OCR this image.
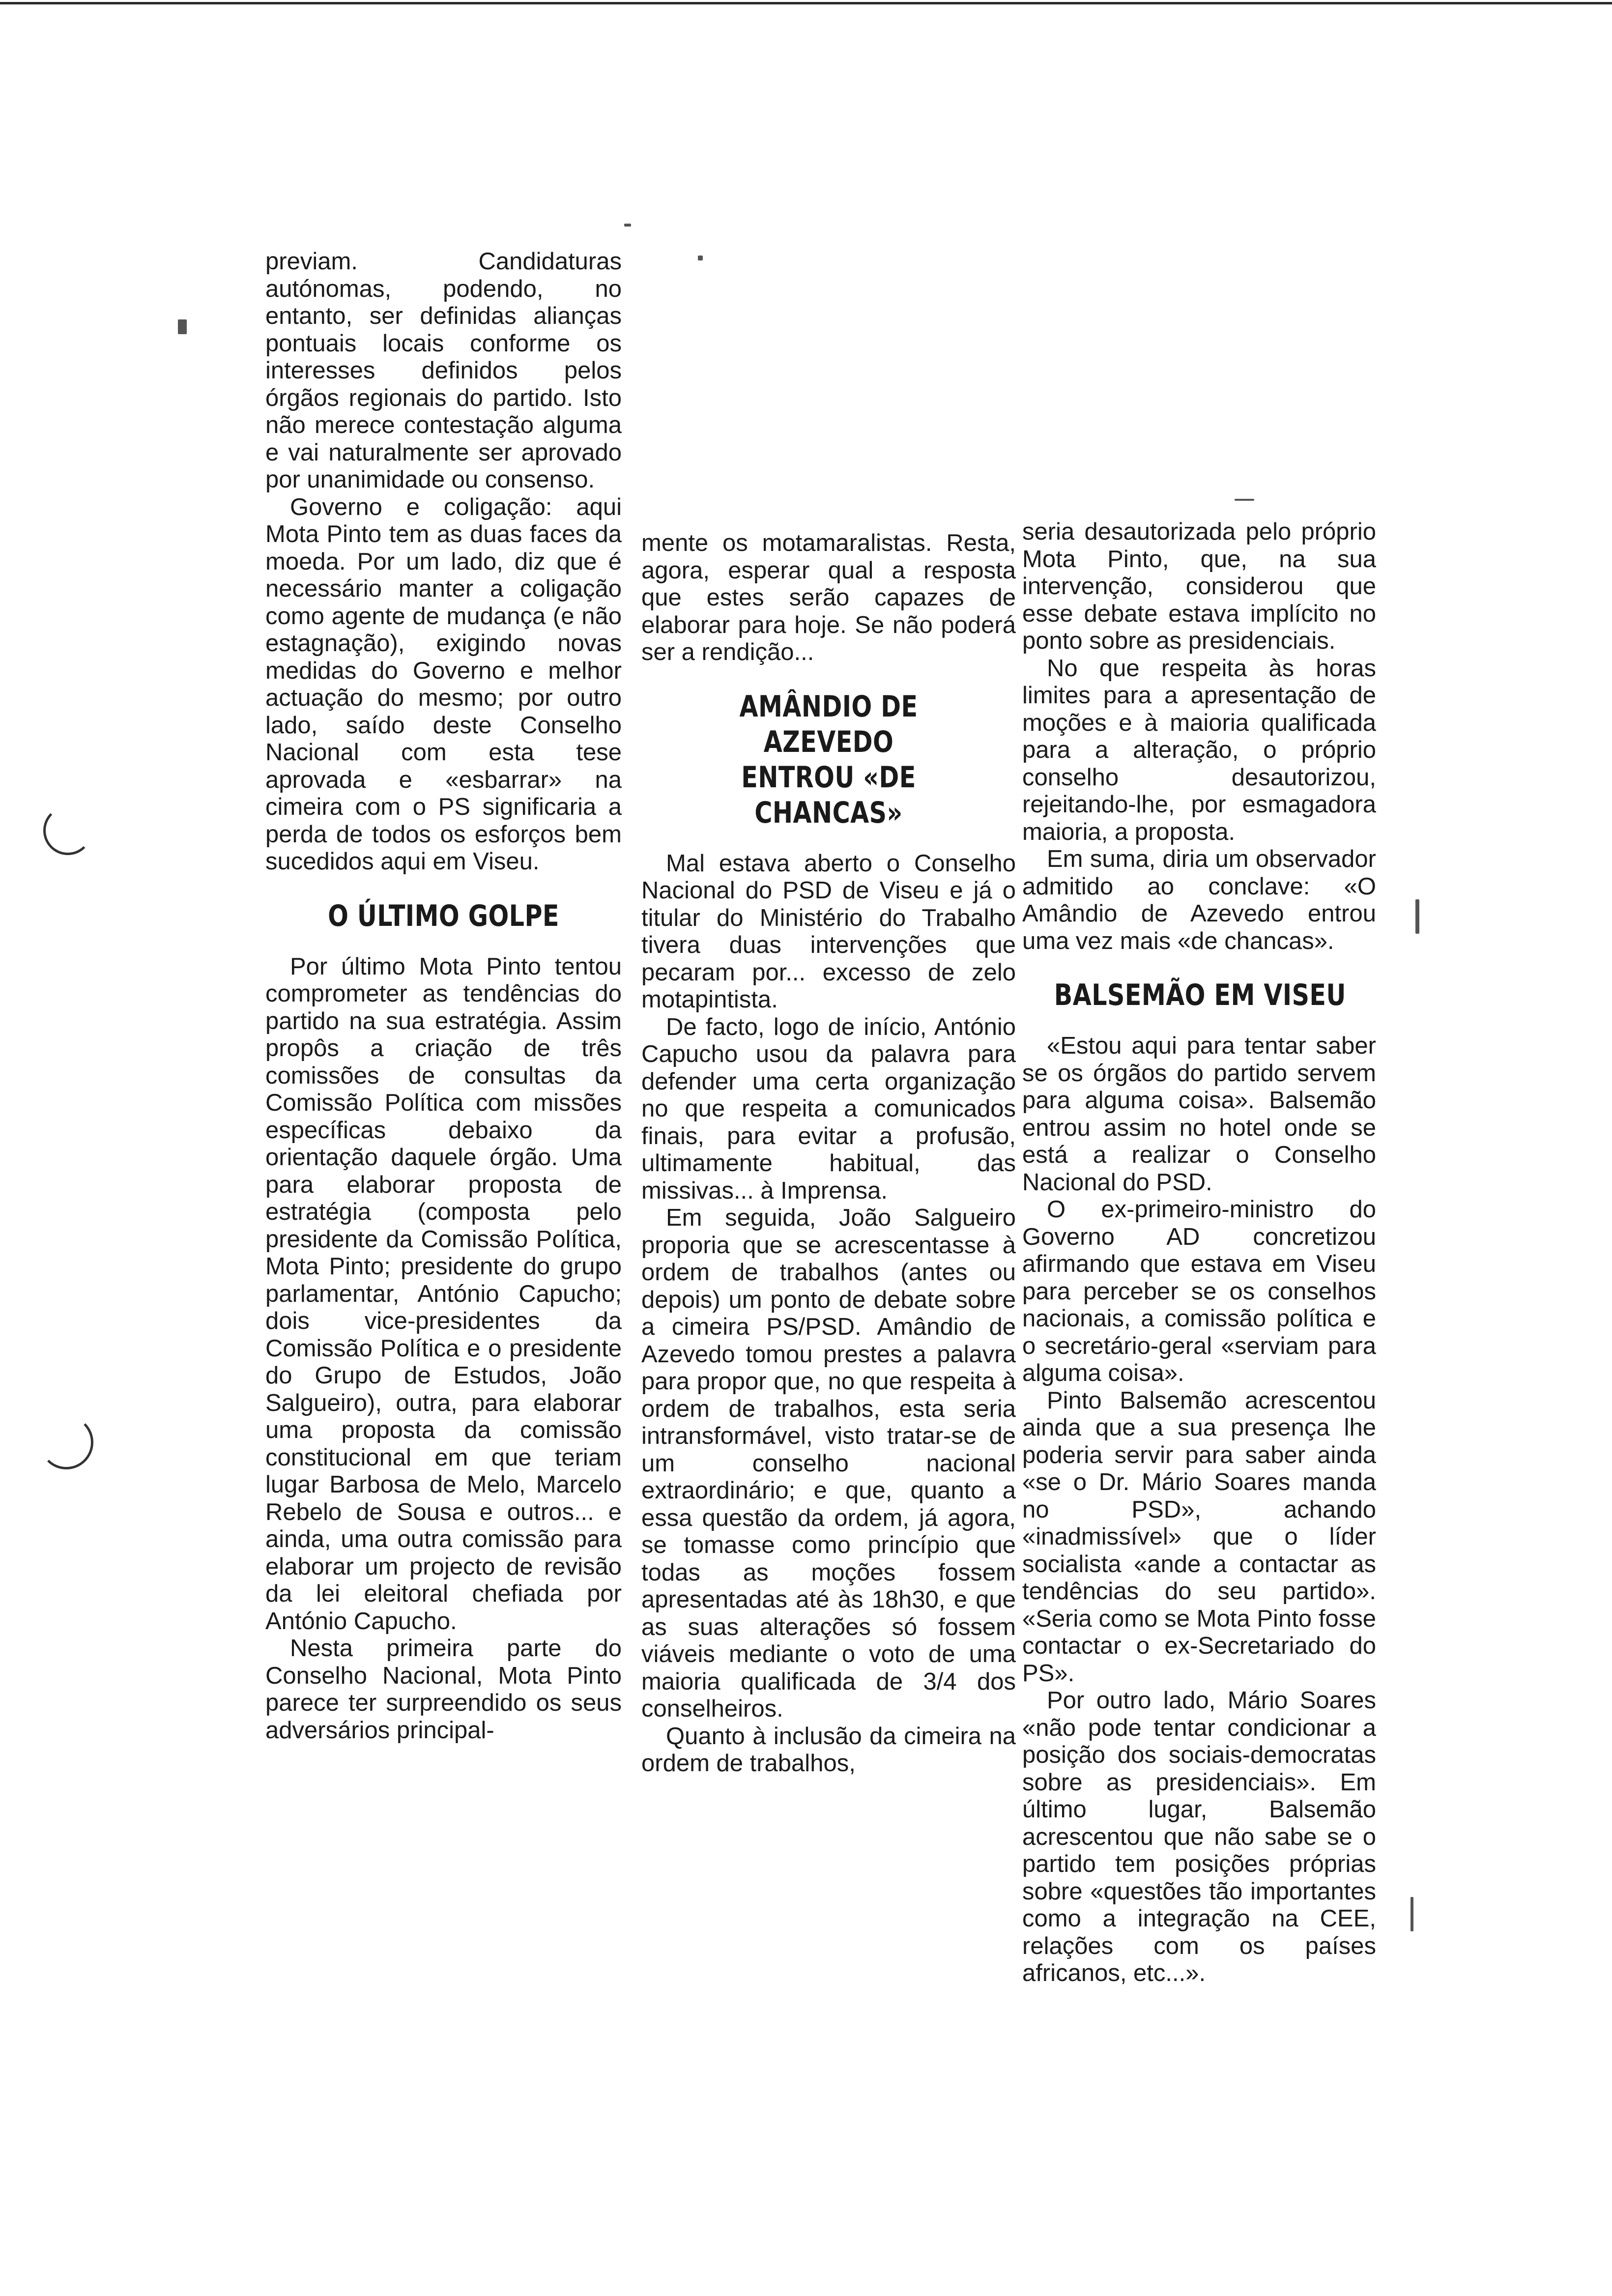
previam. Candidaturas autónomas, podendo, no entanto, ser definidas alianças pontuais locais conforme os interesses definidos pelos órgãos regionais do partido. Isto não merece contestação alguma e vai naturalmente ser aprovado por unanimidade ou consenso.

Governo e coligação: aqui Mota Pinto tem as duas faces da moeda. Por um lado, diz que é necessário manter a coligação como agente de mudança (e não estagnação), exigindo novas medidas do Governo e melhor actuação do mesmo; por outro lado, saído deste Conselho Nacional com esta tese aprovada e «esbarrar» na cimeira com o PS significaria a perda de todos os esforços bem sucedidos aqui em Viseu.

O ÚLTIMO GOLPE

Por último Mota Pinto tentou comprometer as tendências do partido na sua estratégia. Assim propôs a criação de três comissões de consultas da Comissão Política com missões específicas debaixo da orientação daquele órgão. Uma para elaborar proposta de estratégia (composta pelo presidente da Comissão Política, Mota Pinto; presidente do grupo parlamentar, António Capucho; dois vice-presidentes da Comissão Política e o presidente do Grupo de Estudos, João Salgueiro), outra, para elaborar uma proposta da comissão constitucional em que teriam lugar Barbosa de Melo, Marcelo Rebelo de Sousa e outros... e ainda, uma outra comissão para elaborar um projecto de revisão da lei eleitoral chefiada por António Capucho.

Nesta primeira parte do Conselho Nacional, Mota Pinto parece ter surpreendido os seus adversários principal-

mente os motamaralistas. Resta, agora, esperar qual a resposta que estes serão capazes de elaborar para hoje. Se não poderá ser a rendição...

AMÂNDIO DE AZEVEDO
ENTROU «DE CHANCAS»

Mal estava aberto o Conselho Nacional do PSD de Viseu e já o titular do Ministério do Trabalho tivera duas intervenções que pecaram por... excesso de zelo motapintista.

De facto, logo de início, António Capucho usou da palavra para defender uma certa organização no que respeita a comunicados finais, para evitar a profusão, ultimamente habitual, das missivas... à Imprensa.

Em seguida, João Salgueiro proporia que se acrescentasse à ordem de trabalhos (antes ou depois) um ponto de debate sobre a cimeira PS/PSD. Amândio de Azevedo tomou prestes a palavra para propor que, no que respeita à ordem de trabalhos, esta seria intransformável, visto tratar-se de um conselho nacional extraordinário; e que, quanto a essa questão da ordem, já agora, se tomasse como princípio que todas as moções fossem apresentadas até às 18h30, e que as suas alterações só fossem viáveis mediante o voto de uma maioria qualificada de 3/4 dos conselheiros.

Quanto à inclusão da cimeira na ordem de trabalhos,

seria desautorizada pelo próprio Mota Pinto, que, na sua intervenção, considerou que esse debate estava implícito no ponto sobre as presidenciais.

No que respeita às horas limites para a apresentação de moções e à maioria qualificada para a alteração, o próprio conselho desautorizou, rejeitando-lhe, por esmagadora maioria, a proposta.

Em suma, diria um observador admitido ao conclave: «O Amândio de Azevedo entrou uma vez mais «de chancas».

BALSEMÃO EM VISEU

«Estou aqui para tentar saber se os órgãos do partido servem para alguma coisa». Balsemão entrou assim no hotel onde se está a realizar o Conselho Nacional do PSD.

O ex-primeiro-ministro do Governo AD concretizou afirmando que estava em Viseu para perceber se os conselhos nacionais, a comissão política e o secretário-geral «serviam para alguma coisa».

Pinto Balsemão acrescentou ainda que a sua presença lhe poderia servir para saber ainda «se o Dr. Mário Soares manda no PSD», achando «inadmissível» que o líder socialista «ande a contactar as tendências do seu partido». «Seria como se Mota Pinto fosse contactar o ex-Secretariado do PS».

Por outro lado, Mário Soares «não pode tentar condicionar a posição dos sociais-democratas sobre as presidenciais». Em último lugar, Balsemão acrescentou que não sabe se o partido tem posições próprias sobre «questões tão importantes como a integração na CEE, relações com os países africanos, etc...».
